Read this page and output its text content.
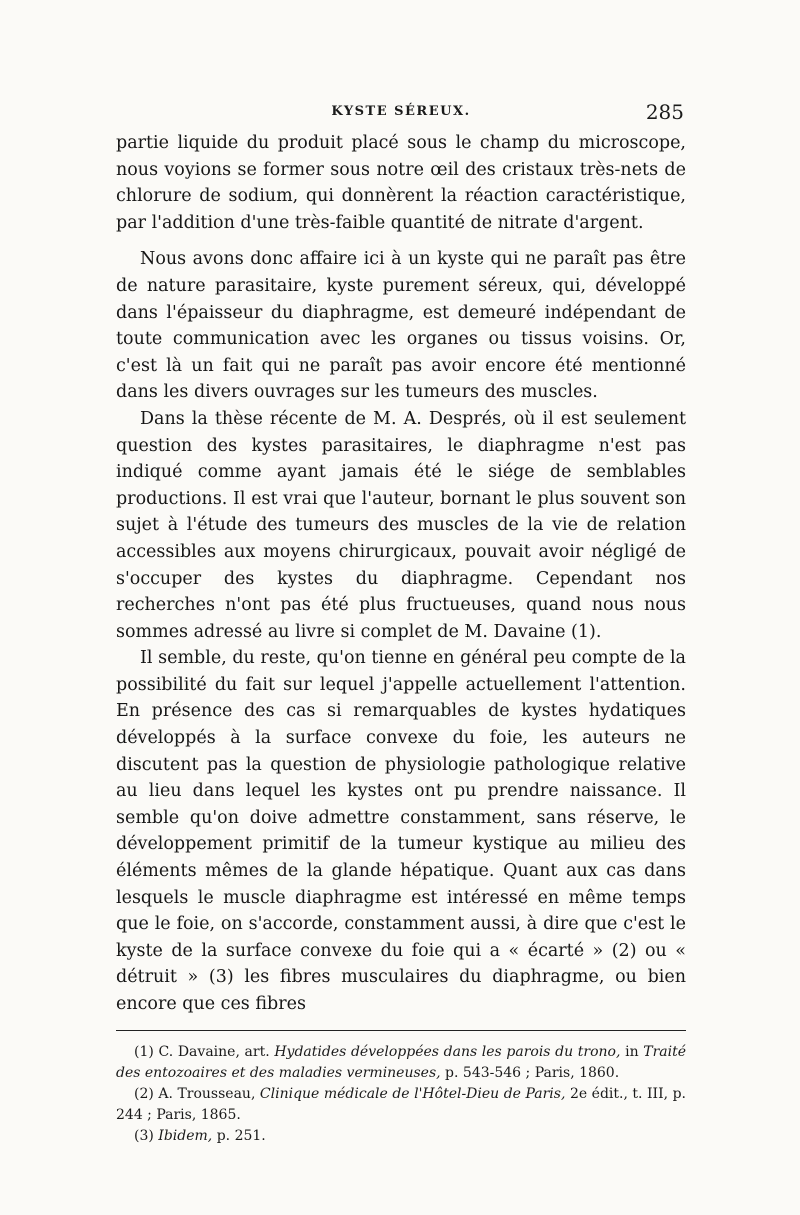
KYSTE SÉREUX.	285

partie liquide du produit placé sous le champ du microscope, nous voyions se former sous notre œil des cristaux très-nets de chlorure de sodium, qui donnèrent la réaction caractéristique, par l'addition d'une très-faible quantité de nitrate d'argent.

Nous avons donc affaire ici à un kyste qui ne paraît pas être de nature parasitaire, kyste purement séreux, qui, développé dans l'épaisseur du diaphragme, est demeuré indépendant de toute communication avec les organes ou tissus voisins. Or, c'est là un fait qui ne paraît pas avoir encore été mentionné dans les divers ouvrages sur les tumeurs des muscles.

Dans la thèse récente de M. A. Després, où il est seulement question des kystes parasitaires, le diaphragme n'est pas indiqué comme ayant jamais été le siége de semblables productions. Il est vrai que l'auteur, bornant le plus souvent son sujet à l'étude des tumeurs des muscles de la vie de relation accessibles aux moyens chirurgicaux, pouvait avoir négligé de s'occuper des kystes du diaphragme. Cependant nos recherches n'ont pas été plus fructueuses, quand nous nous sommes adressé au livre si complet de M. Davaine (1).

Il semble, du reste, qu'on tienne en général peu compte de la possibilité du fait sur lequel j'appelle actuellement l'attention. En présence des cas si remarquables de kystes hydatiques développés à la surface convexe du foie, les auteurs ne discutent pas la question de physiologie pathologique relative au lieu dans lequel les kystes ont pu prendre naissance. Il semble qu'on doive admettre constamment, sans réserve, le développement primitif de la tumeur kystique au milieu des éléments mêmes de la glande hépatique. Quant aux cas dans lesquels le muscle diaphragme est intéressé en même temps que le foie, on s'accorde, constamment aussi, à dire que c'est le kyste de la surface convexe du foie qui a « écarté » (2) ou « détruit » (3) les fibres musculaires du diaphragme, ou bien encore que ces fibres

(1) C. Davaine, art. Hydatides développées dans les parois du trono, in Traité des entozoaires et des maladies vermineuses, p. 543-546 ; Paris, 1860.
(2) A. Trousseau, Clinique médicale de l'Hôtel-Dieu de Paris, 2e édit., t. III, p. 244 ; Paris, 1865.
(3) Ibidem, p. 251.
